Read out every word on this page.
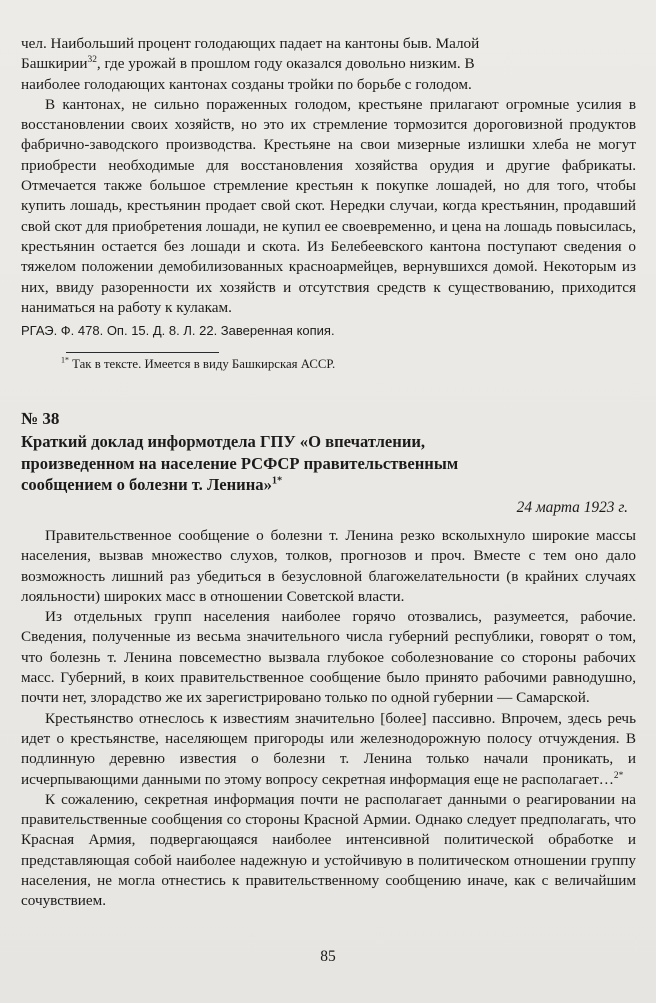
чел. Наибольший процент голодающих падает на кантоны быв. Малой
Башкирии$^{32}$, где урожай в прошлом году оказался довольно низким. В
наиболее голодающих кантонах созданы тройки по борьбе с голодом.

В кантонах, не сильно пораженных голодом, крестьяне прилагают огромные усилия в восстановлении своих хозяйств, но это их стремление тормозится дороговизной продуктов фабрично-заводского производства. Крестьяне на свои мизерные излишки хлеба не могут приобрести необходимые для восстановления хозяйства орудия и другие фабрикаты. Отмечается также большое стремление крестьян к покупке лошадей, но для того, чтобы купить лошадь, крестьянин продает свой скот. Нередки случаи, когда крестьянин, продавший свой скот для приобретения лошади, не купил ее своевременно, и цена на лошадь повысилась, крестьянин остается без лошади и скота. Из Белебеевского кантона поступают сведения о тяжелом положении демобилизованных красноармейцев, вернувшихся домой. Некоторым из них, ввиду разоренности их хозяйств и отсутствия средств к существованию, приходится наниматься на работу к кулакам.

РГАЭ. Ф. 478. Оп. 15. Д. 8. Л. 22. Заверенная копия.

$^{1*}$ Так в тексте. Имеется в виду Башкирская АССР.

№ 38
Краткий доклад информотдела ГПУ «О впечатлении,
произведенном на население РСФСР правительственным
сообщением о болезни т. Ленина»$^{1*}$
24 марта 1923 г.

Правительственное сообщение о болезни т. Ленина резко всколыхнуло широкие массы населения, вызвав множество слухов, толков, прогнозов и проч. Вместе с тем оно дало возможность лишний раз убедиться в безусловной благожелательности (в крайних случаях лояльности) широких масс в отношении Советской власти.

Из отдельных групп населения наиболее горячо отозвались, разумеется, рабочие. Сведения, полученные из весьма значительного числа губерний республики, говорят о том, что болезнь т. Ленина повсеместно вызвала глубокое соболезнование со стороны рабочих масс. Губерний, в коих правительственное сообщение было принято рабочими равнодушно, почти нет, злорадство же их зарегистрировано только по одной губернии — Самарской.

Крестьянство отнеслось к известиям значительно [более] пассивно. Впрочем, здесь речь идет о крестьянстве, населяющем пригороды или железнодорожную полосу отчуждения. В подлинную деревню известия о болезни т. Ленина только начали проникать, и исчерпывающими данными по этому вопросу секретная информация еще не располагает…$^{2*}$

К сожалению, секретная информация почти не располагает данными о реагировании на правительственные сообщения со стороны Красной Армии. Однако следует предполагать, что Красная Армия, подвергающаяся наиболее интенсивной политической обработке и представляющая собой наиболее надежную и устойчивую в политическом отношении группу населения, не могла отнестись к правительственному сообщению иначе, как с величайшим сочувствием.

85
